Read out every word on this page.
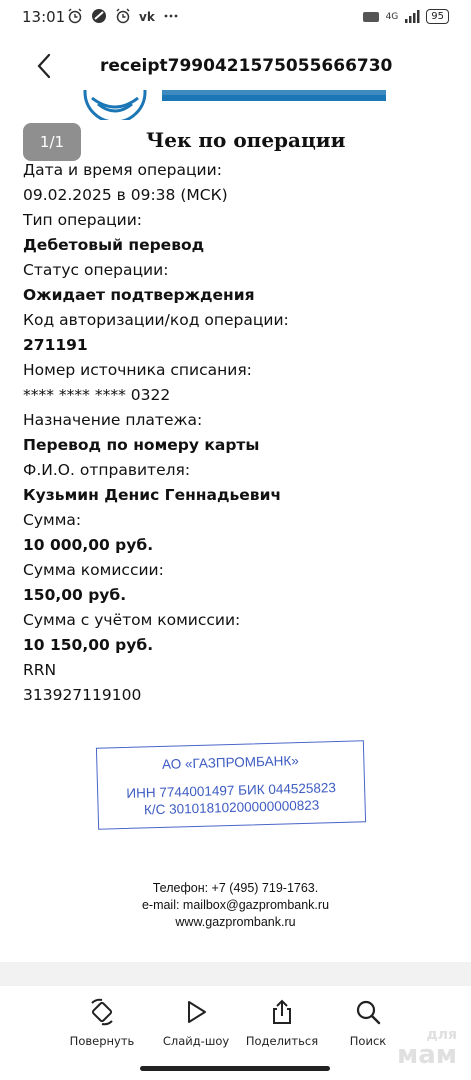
13:01	vk	4G	95
receipt7990421575055666730
1/1	Чек по операции
Дата и время операции:
09.02.2025 в 09:38 (МСК)
Тип операции:
Дебетовый перевод
Статус операции:
Ожидает подтверждения
Код авторизации/код операции:
271191
Номер источника списания:
**** **** **** 0322
Назначение платежа:
Перевод по номеру карты
Ф.И.О. отправителя:
Кузьмин Денис Геннадьевич
Сумма:
10 000,00 руб.
Сумма комиссии:
150,00 руб.
Сумма с учётом комиссии:
10 150,00 руб.
RRN
313927119100
АО «ГАЗПРОМБАНК»
ИНН 7744001497 БИК 044525823
К/С 30101810200000000823
Телефон: +7 (495) 719-1763.
e-mail: mailbox@gazprombank.ru
www.gazprombank.ru
Повернуть	Слайд-шоу	Поделиться	Поиск	для
мам
